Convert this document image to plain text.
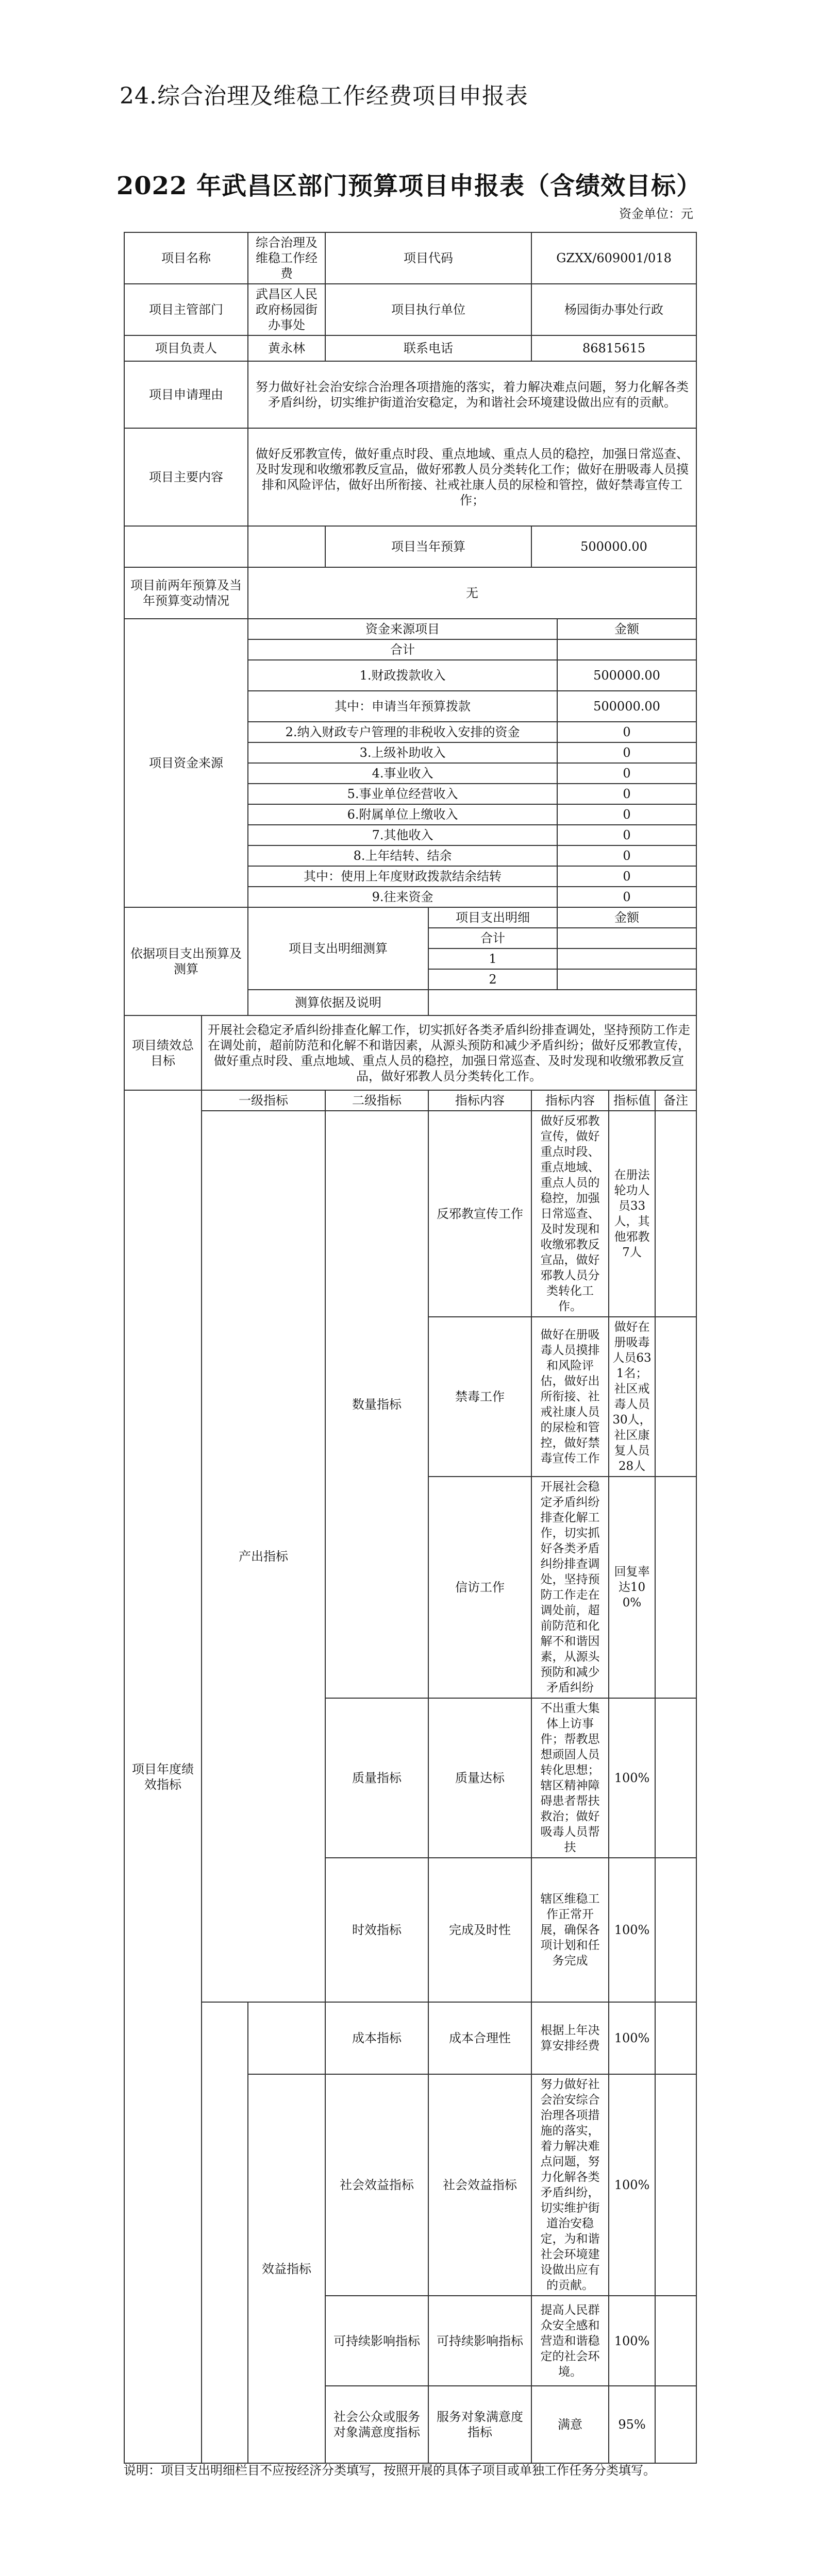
24.综合治理及维稳工作经费项目申报表
2022 年武昌区部门预算项目申报表（含绩效目标）
资金单位：元
项目名称		综合治理及维稳工作经费	项目代码		GZXX/609001/018			
项目主管部门		武昌区人民政府杨园街办事处	项目执行单位		杨园街办事处行政			
项目负责人		黄永林	联系电话		86815615			
项目申请理由		努力做好社会治安综合治理各项措施的落实，着力解决难点问题，努力化解各类矛盾纠纷，切实维护街道治安稳定，为和谐社会环境建设做出应有的贡献。						
项目主要内容		做好反邪教宣传，做好重点时段、重点地域、重点人员的稳控，加强日常巡查、及时发现和收缴邪教反宣品，做好邪教人员分类转化工作；做好在册吸毒人员摸排和风险评估，做好出所衔接、社戒社康人员的尿检和管控，做好禁毒宣传工作；						
			项目当年预算		500000.00			
项目前两年预算及当年预算变动情况		无						
项目资金来源		资金来源项目				金额		
		合计						
		1.财政拨款收入				500000.00		
		其中：申请当年预算拨款				500000.00		
		2.纳入财政专户管理的非税收入安排的资金				0		
		3.上级补助收入				0		
		4.事业收入				0		
		5.事业单位经营收入				0		
		6.附属单位上缴收入				0		
		7.其他收入				0		
		8.上年结转、结余				0		
		其中：使用上年度财政拨款结余结转				0		
		9.往来资金				0		
依据项目支出预算及测算		项目支出明细测算		项目支出明细		金额		
				合计				
				1				
				2				
		测算依据及说明						
项目绩效总目标	开展社会稳定矛盾纠纷排查化解工作，切实抓好各类矛盾纠纷排查调处，坚持预防工作走在调处前，超前防范和化解不和谐因素，从源头预防和减少矛盾纠纷；做好反邪教宣传，做好重点时段、重点地域、重点人员的稳控，加强日常巡查、及时发现和收缴邪教反宣品，做好邪教人员分类转化工作。							
项目年度绩效指标	一级指标		二级指标	指标内容	指标内容		指标值	备注
	产出指标		数量指标	反邪教宣传工作	做好反邪教宣传，做好重点时段、重点地域、重点人员的稳控，加强日常巡查、及时发现和收缴邪教反宣品，做好邪教人员分类转化工作。		在册法轮功人员33人，其他邪教7人	
				禁毒工作	做好在册吸毒人员摸排和风险评估，做好出所衔接、社戒社康人员的尿检和管控，做好禁毒宣传工作		做好在册吸毒人员631名；社区戒毒人员30人，社区康复人员28人	
				信访工作	开展社会稳定矛盾纠纷排查化解工作，切实抓好各类矛盾纠纷排查调处，坚持预防工作走在调处前，超前防范和化解不和谐因素，从源头预防和减少矛盾纠纷		回复率达100%	
			质量指标	质量达标	不出重大集体上访事件；帮教思想顽固人员转化思想；辖区精神障碍患者帮扶救治；做好吸毒人员帮扶		100%	
			时效指标	完成及时性	辖区维稳工作正常开展，确保各项计划和任务完成		100%	
			成本指标	成本合理性	根据上年决算安排经费		100%	
		效益指标	社会效益指标	社会效益指标	努力做好社会治安综合治理各项措施的落实，着力解决难点问题，努力化解各类矛盾纠纷，切实维护街道治安稳定，为和谐社会环境建设做出应有的贡献。		100%	
			可持续影响指标	可持续影响指标	提高人民群众安全感和营造和谐稳定的社会环境。		100%	
			社会公众或服务对象满意度指标	服务对象满意度指标	满意		95%	
说明：项目支出明细栏目不应按经济分类填写，按照开展的具体子项目或单独工作任务分类填写。
